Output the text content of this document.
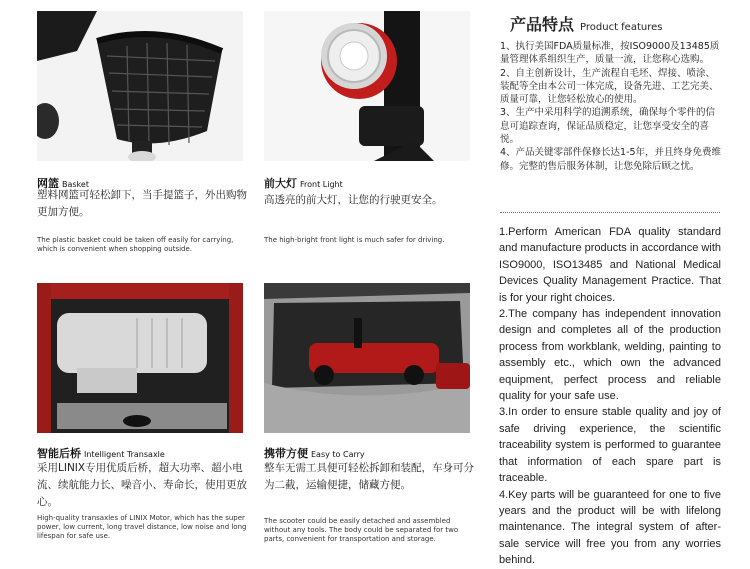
网篮 Basket
塑料网篮可轻松卸下，当手提篮子，外出购物更加方便。
The plastic basket could be taken off easily for carrying, which is convenient when shopping outside.
前大灯 Front Light
高透亮的前大灯，让您的行驶更安全。
The high-bright front light is much safer for driving.
智能后桥 Intelligent Transaxle
采用LINIX专用优质后桥，超大功率、超小电流、续航能力长、噪音小、寿命长，使用更放心。
High-quality transaxles of LINIX Motor, which has the super power, low current, long travel distance, low noise and long lifespan for safe use.
携带方便 Easy to Carry
整车无需工具便可轻松拆卸和装配，车身可分为二截，运输便捷，储藏方便。
The scooter could be easily detached and assembled without any tools. The body could be separated for two parts, convenient for transportation and storage.
产品特点 Product features

1、执行美国FDA质量标准，按ISO9000及13485质量管理体系组织生产，质量一流，让您称心选购。

2、自主创新设计，生产流程自毛坯、焊接、喷涂、装配等全由本公司一体完成，设备先进、工艺完美、质量可靠，让您轻松放心的使用。

3、生产中采用科学的追溯系统，确保每个零件的信息可追踪查询，保证品质稳定，让您享受安全的喜悦。

4、产品关键零部件保修长达1-5年，并且终身免费维修。完整的售后服务体制，让您免除后顾之忧。

1.Perform American FDA quality standard and manufacture products in accordance with ISO9000, ISO13485 and National Medical Devices Quality Management Practice. That is for your right choices.

2.The company has independent innovation design and completes all of the production process from workblank, welding, painting to assembly etc., which own the advanced equipment, perfect process and reliable quality for your safe use.

3.In order to ensure stable quality and joy of safe driving experience, the scientific traceability system is performed to guarantee that information of each spare part is traceable.

4.Key parts will be guaranteed for one to five years and the product will be with lifelong maintenance. The integral system of after-sale service will free you from any worries behind.
